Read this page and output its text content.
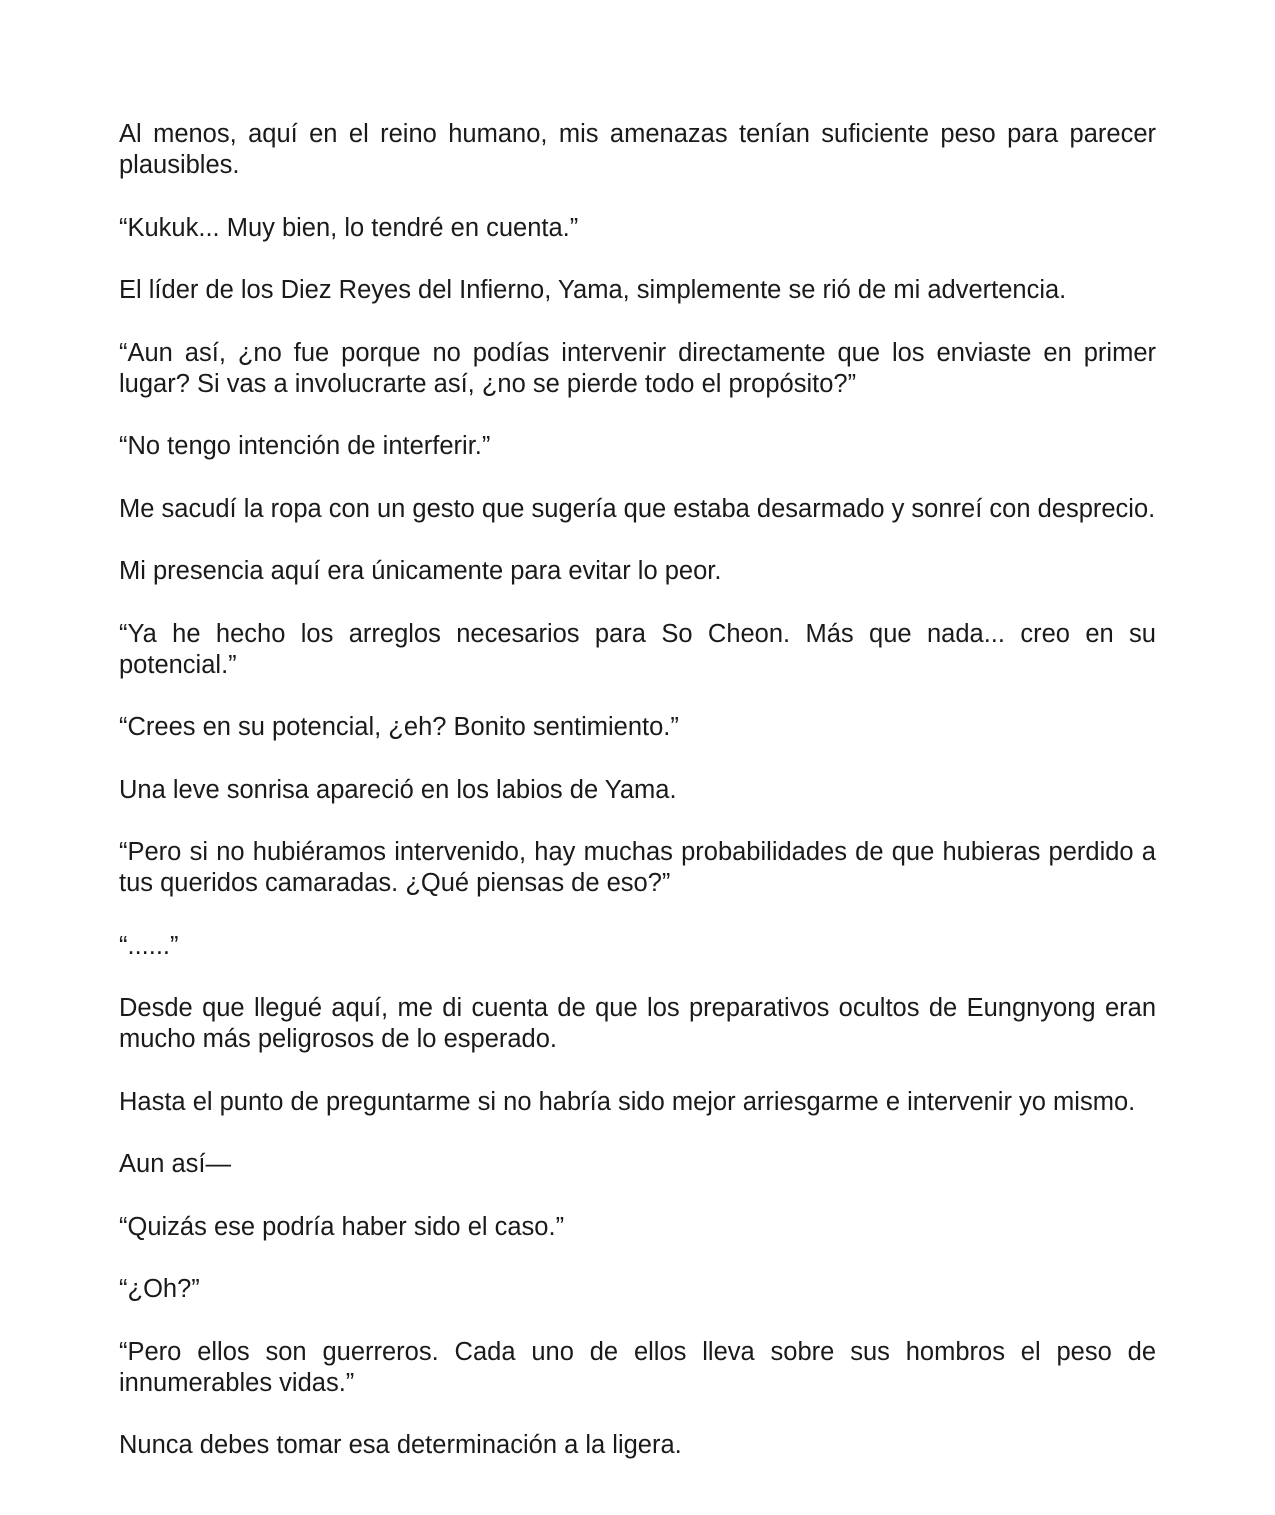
Al menos, aquí en el reino humano, mis amenazas tenían suficiente peso para parecer plausibles.

“Kukuk... Muy bien, lo tendré en cuenta.”

El líder de los Diez Reyes del Infierno, Yama, simplemente se rió de mi advertencia.

“Aun así, ¿no fue porque no podías intervenir directamente que los enviaste en primer lugar? Si vas a involucrarte así, ¿no se pierde todo el propósito?”

“No tengo intención de interferir.”

Me sacudí la ropa con un gesto que sugería que estaba desarmado y sonreí con desprecio.

Mi presencia aquí era únicamente para evitar lo peor.

“Ya he hecho los arreglos necesarios para So Cheon. Más que nada... creo en su potencial.”

“Crees en su potencial, ¿eh? Bonito sentimiento.”

Una leve sonrisa apareció en los labios de Yama.

“Pero si no hubiéramos intervenido, hay muchas probabilidades de que hubieras perdido a tus queridos camaradas. ¿Qué piensas de eso?”

“......”

Desde que llegué aquí, me di cuenta de que los preparativos ocultos de Eungnyong eran mucho más peligrosos de lo esperado.

Hasta el punto de preguntarme si no habría sido mejor arriesgarme e intervenir yo mismo.

Aun así—

“Quizás ese podría haber sido el caso.”

“¿Oh?”

“Pero ellos son guerreros. Cada uno de ellos lleva sobre sus hombros el peso de innumerables vidas.”

Nunca debes tomar esa determinación a la ligera.
